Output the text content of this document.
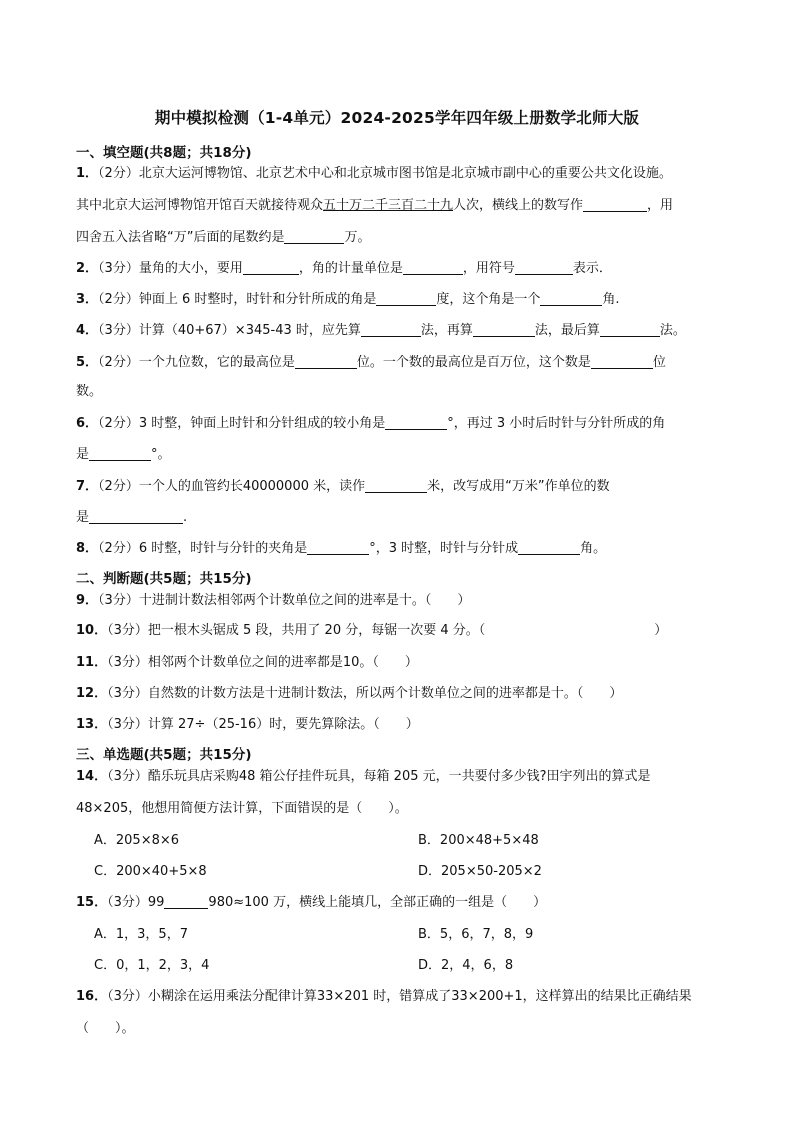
期中模拟检测（1-4单元）2024-2025学年四年级上册数学北师大版
一、填空题(共8题；共18分)
1．（2分）北京大运河博物馆、北京艺术中心和北京城市图书馆是北京城市副中心的重要公共文化设施。
其中北京大运河博物馆开馆百天就接待观众五十万二千三百二十九人次，横线上的数写作	，用
四舍五入法省略“万”后面的尾数约是	万。
2．（3分）量角的大小，要用	，角的计量单位是	，用符号	表示．
3．（2分）钟面上 6 时整时，时针和分针所成的角是	度，这个角是一个	角.
4．（3分）计算（40+67）×345-43 时，应先算	法，再算	法，最后算	法。
5．（2分）一个九位数，它的最高位是	位。一个数的最高位是百万位，这个数是	位
数。
6．（2分）3 时整，钟面上时针和分针组成的较小角是	°，再过 3 小时后时针与分针所成的角
是	°。
7．（2分）一个人的血管约长40000000 米，读作	米，改写成用“万米”作单位的数
是	.
8．（2分）6 时整，时针与分针的夹角是	°，3 时整，时针与分针成	角。
二、判断题(共5题；共15分)
9．（3分）十进制计数法相邻两个计数单位之间的进率是十。（　　）
10．（3分）把一根木头锯成 5 段，共用了 20 分，每锯一次要 4 分。（　　　　　　　　　　　　　）
11．（3分）相邻两个计数单位之间的进率都是10。（　　）
12．（3分）自然数的计数方法是十进制计数法，所以两个计数单位之间的进率都是十。（　　）
13．（3分）计算 27÷（25-16）时，要先算除法。（　　）
三、单选题(共5题；共15分)
14．（3分）酷乐玩具店采购48 箱公仔挂件玩具，每箱 205 元，一共要付多少钱?田宇列出的算式是
48×205，他想用简便方法计算，下面错误的是（　　）。
A．205×8×6	B．200×48+5×48
C．200×40+5×8	D．205×50-205×2
15．（3分）99	980≈100 万，横线上能填几，全部正确的一组是（　　）
A．1，3，5，7	B．5，6，7，8，9
C．0，1，2，3，4	D．2，4，6，8
16．（3分）小糊涂在运用乘法分配律计算33×201 时，错算成了33×200+1，这样算出的结果比正确结果
（　　）。
